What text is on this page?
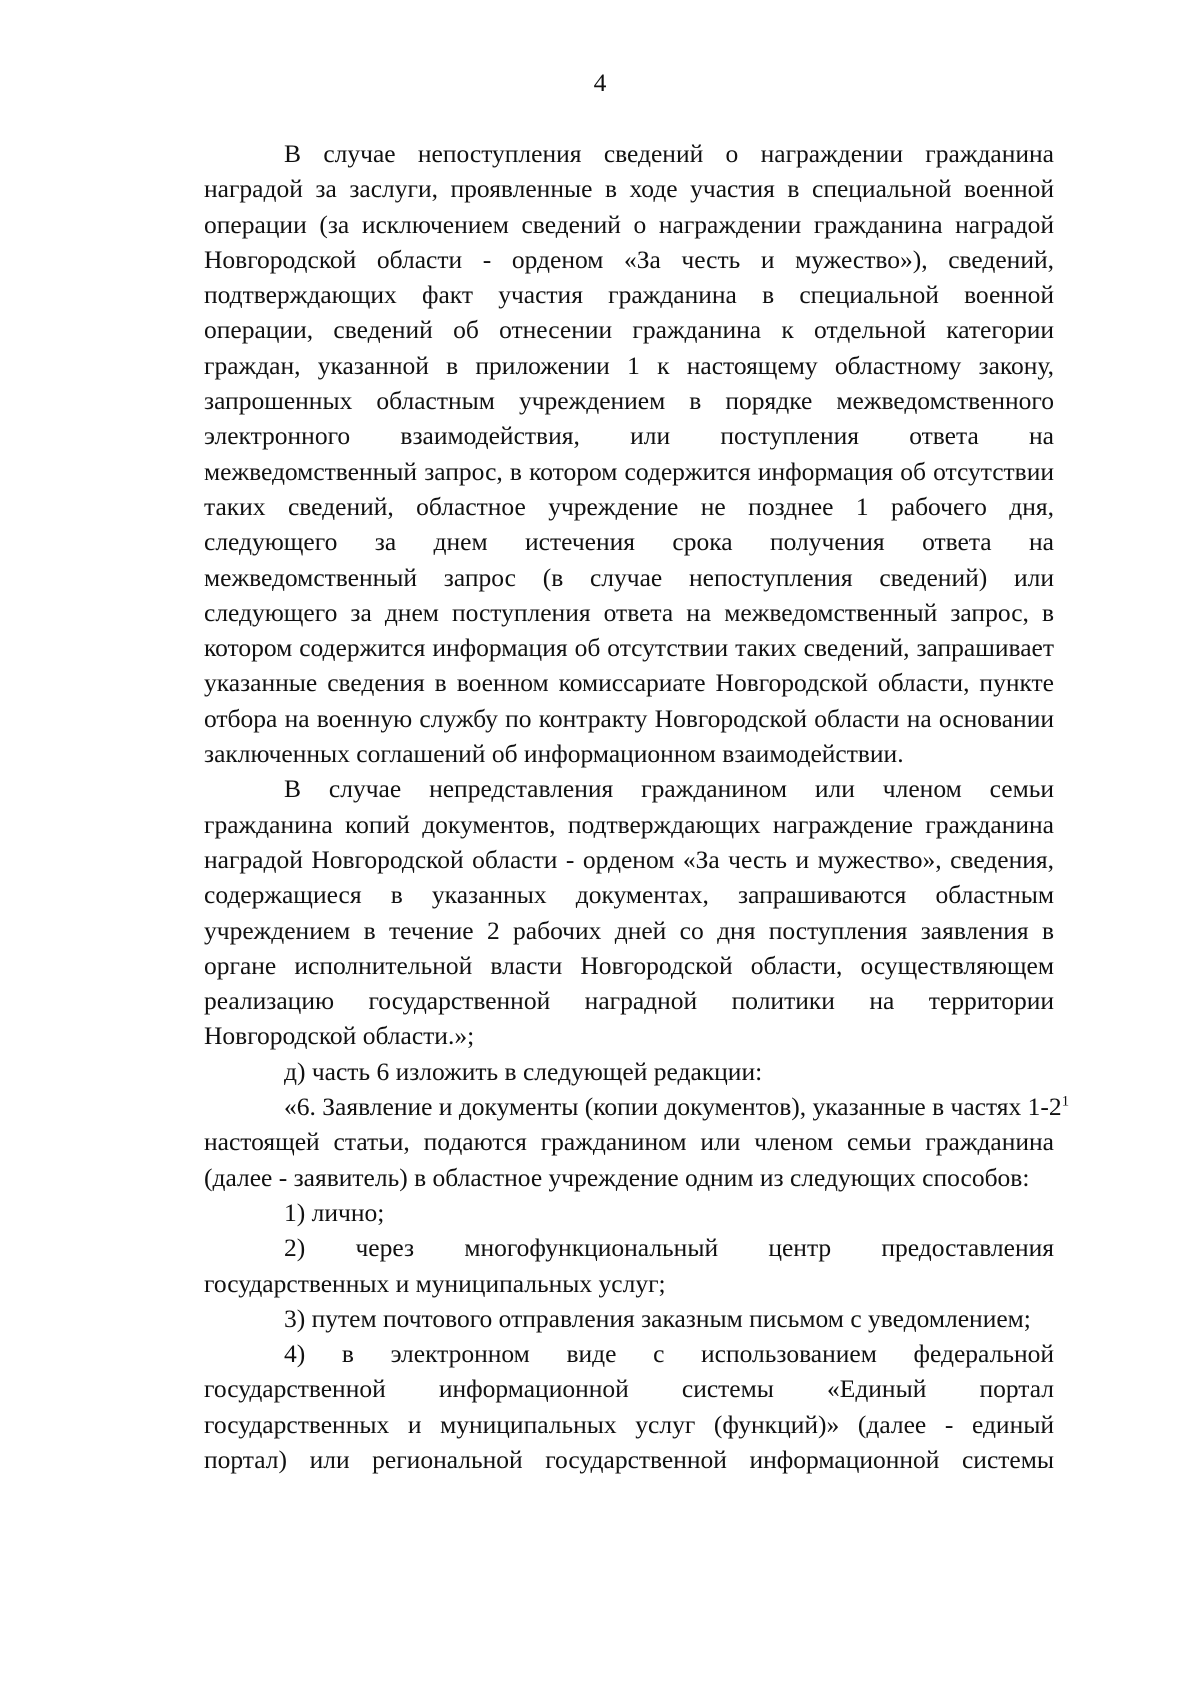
4
В случае непоступления сведений о награждении гражданина
наградой за заслуги, проявленные в ходе участия в специальной военной
операции (за исключением сведений о награждении гражданина наградой
Новгородской области - орденом «За честь и мужество»), сведений,
подтверждающих факт участия гражданина в специальной военной
операции, сведений об отнесении гражданина к отдельной категории
граждан, указанной в приложении 1 к настоящему областному закону,
запрошенных областным учреждением в порядке межведомственного
электронного взаимодействия, или поступления ответа на
межведомственный запрос, в котором содержится информация об отсутствии
таких сведений, областное учреждение не позднее 1 рабочего дня,
следующего за днем истечения срока получения ответа на
межведомственный запрос (в случае непоступления сведений) или
следующего за днем поступления ответа на межведомственный запрос, в
котором содержится информация об отсутствии таких сведений, запрашивает
указанные сведения в военном комиссариате Новгородской области, пункте
отбора на военную службу по контракту Новгородской области на основании
заключенных соглашений об информационном взаимодействии.
В случае непредставления гражданином или членом семьи
гражданина копий документов, подтверждающих награждение гражданина
наградой Новгородской области - орденом «За честь и мужество», сведения,
содержащиеся в указанных документах, запрашиваются областным
учреждением в течение 2 рабочих дней со дня поступления заявления в
органе исполнительной власти Новгородской области, осуществляющем
реализацию государственной наградной политики на территории
Новгородской области.»;
д) часть 6 изложить в следующей редакции:
«6. Заявление и документы (копии документов), указанные в частях $1-2^1$
настоящей статьи, подаются гражданином или членом семьи гражданина
(далее - заявитель) в областное учреждение одним из следующих способов:
1) лично;
2) через многофункциональный центр предоставления
государственных и муниципальных услуг;
3) путем почтового отправления заказным письмом с уведомлением;
4) в электронном виде с использованием федеральной
государственной информационной системы «Единый портал
государственных и муниципальных услуг (функций)» (далее - единый
портал) или региональной государственной информационной системы
